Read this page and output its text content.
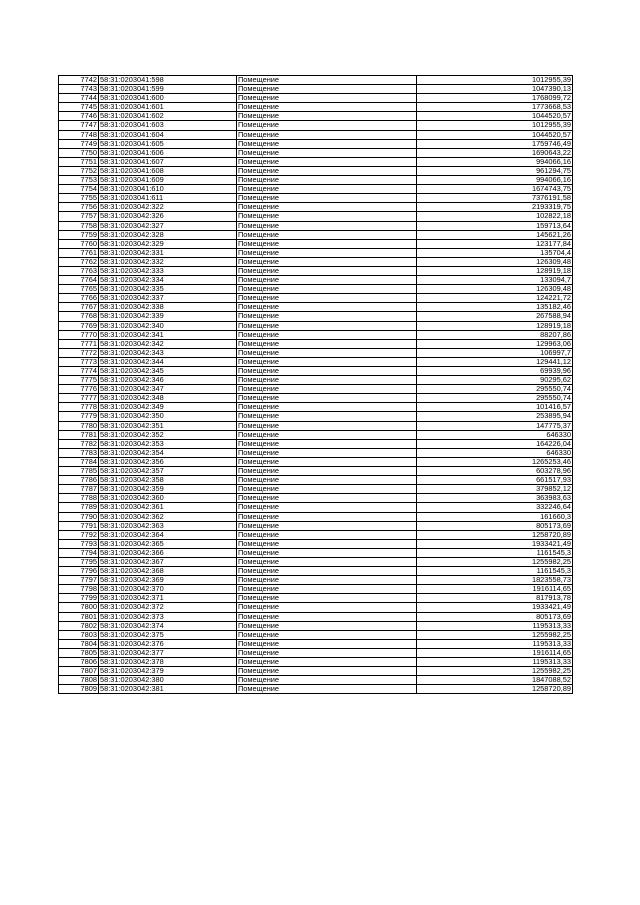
7742	58:31:0203041:598	Помещение	1012955,39
7743	58:31:0203041:599	Помещение	1047390,13
7744	58:31:0203041:600	Помещение	1768099,72
7745	58:31:0203041:601	Помещение	1773668,53
7746	58:31:0203041:602	Помещение	1044520,57
7747	58:31:0203041:603	Помещение	1012955,39
7748	58:31:0203041:604	Помещение	1044520,57
7749	58:31:0203041:605	Помещение	1759746,49
7750	58:31:0203041:606	Помещение	1690643,22
7751	58:31:0203041:607	Помещение	994066,16
7752	58:31:0203041:608	Помещение	961294,75
7753	58:31:0203041:609	Помещение	994066,16
7754	58:31:0203041:610	Помещение	1674743,75
7755	58:31:0203041:611	Помещение	7376191,58
7756	58:31:0203042:322	Помещение	2193319,75
7757	58:31:0203042:326	Помещение	102822,18
7758	58:31:0203042:327	Помещение	159713,64
7759	58:31:0203042:328	Помещение	145621,26
7760	58:31:0203042:329	Помещение	123177,84
7761	58:31:0203042:331	Помещение	135704,4
7762	58:31:0203042:332	Помещение	126309,48
7763	58:31:0203042:333	Помещение	128919,18
7764	58:31:0203042:334	Помещение	133094,7
7765	58:31:0203042:335	Помещение	126309,48
7766	58:31:0203042:337	Помещение	124221,72
7767	58:31:0203042:338	Помещение	135182,46
7768	58:31:0203042:339	Помещение	267588,94
7769	58:31:0203042:340	Помещение	128919,18
7770	58:31:0203042:341	Помещение	88207,86
7771	58:31:0203042:342	Помещение	129963,06
7772	58:31:0203042:343	Помещение	106997,7
7773	58:31:0203042:344	Помещение	129441,12
7774	58:31:0203042:345	Помещение	69939,96
7775	58:31:0203042:346	Помещение	90295,62
7776	58:31:0203042:347	Помещение	295550,74
7777	58:31:0203042:348	Помещение	295550,74
7778	58:31:0203042:349	Помещение	101416,57
7779	58:31:0203042:350	Помещение	253895,94
7780	58:31:0203042:351	Помещение	147775,37
7781	58:31:0203042:352	Помещение	646330
7782	58:31:0203042:353	Помещение	164226,04
7783	58:31:0203042:354	Помещение	646330
7784	58:31:0203042:356	Помещение	1265253,46
7785	58:31:0203042:357	Помещение	603278,96
7786	58:31:0203042:358	Помещение	661517,93
7787	58:31:0203042:359	Помещение	379852,12
7788	58:31:0203042:360	Помещение	363983,63
7789	58:31:0203042:361	Помещение	332246,64
7790	58:31:0203042:362	Помещение	161660,3
7791	58:31:0203042:363	Помещение	805173,69
7792	58:31:0203042:364	Помещение	1258720,89
7793	58:31:0203042:365	Помещение	1933421,49
7794	58:31:0203042:366	Помещение	1161545,3
7795	58:31:0203042:367	Помещение	1255982,25
7796	58:31:0203042:368	Помещение	1161545,3
7797	58:31:0203042:369	Помещение	1823558,73
7798	58:31:0203042:370	Помещение	1916114,65
7799	58:31:0203042:371	Помещение	817913,78
7800	58:31:0203042:372	Помещение	1933421,49
7801	58:31:0203042:373	Помещение	805173,69
7802	58:31:0203042:374	Помещение	1195313,33
7803	58:31:0203042:375	Помещение	1255982,25
7804	58:31:0203042:376	Помещение	1195313,33
7805	58:31:0203042:377	Помещение	1916114,65
7806	58:31:0203042:378	Помещение	1195313,33
7807	58:31:0203042:379	Помещение	1255982,25
7808	58:31:0203042:380	Помещение	1847088,52
7809	58:31:0203042:381	Помещение	1258720,89
